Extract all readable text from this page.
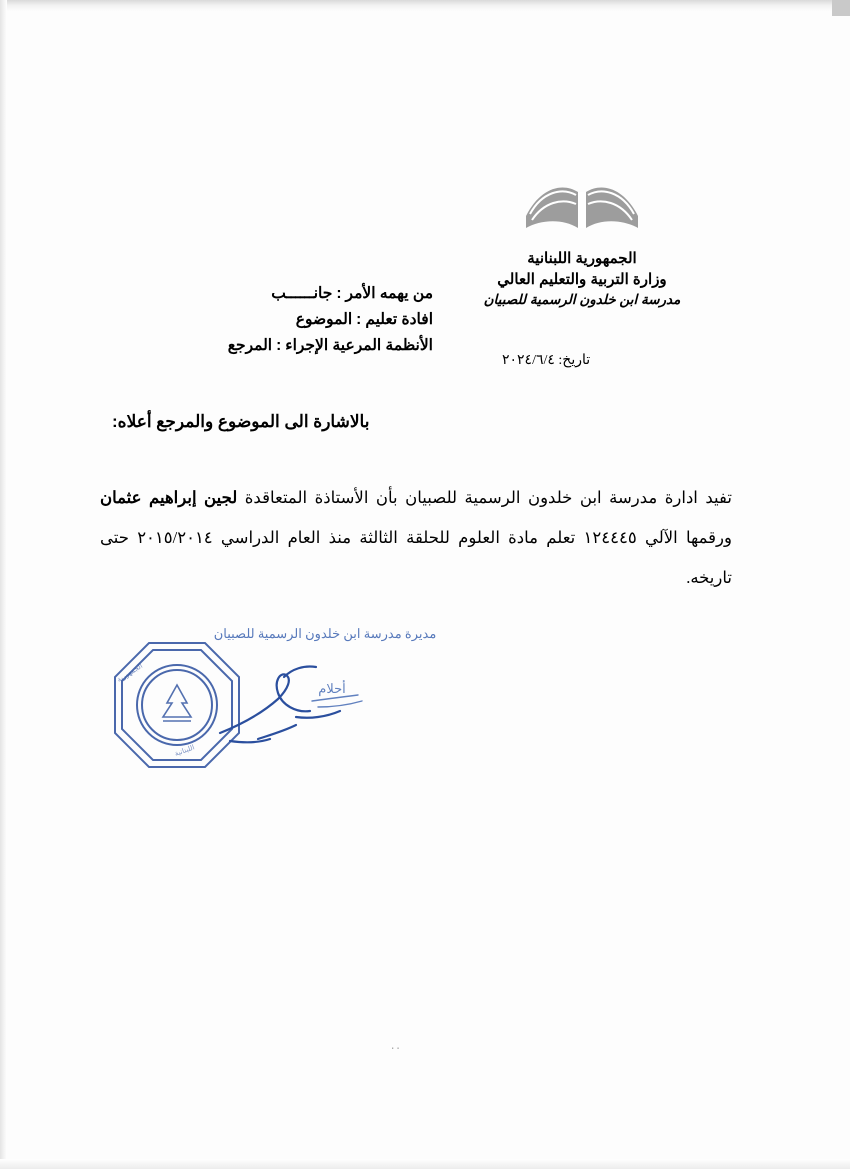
الجمهورية اللبنانية
وزارة التربية والتعليم العالي
مدرسة ابن خلدون الرسمية للصبيان
تاريخ: ٢٠٢٤/٦/٤
من يهمه الأمر
:
جانــــــب
افادة تعليم
:
الموضوع
الأنظمة المرعية الإجراء
:
المرجع
بالاشارة الى الموضوع والمرجع أعلاه:
تفيد ادارة مدرسة ابن خلدون الرسمية للصبيان بأن الأستاذة المتعاقدة لجين إبراهيم عثمان ورقمها الآلي ١٢٤٤٤٥ تعلم مادة العلوم للحلقة الثالثة منذ العام الدراسي ٢٠١٥/٢٠١٤ حتى تاريخه.
مديرة مدرسة ابن خلدون الرسمية للصبيان
أحلام
الجمهورية
اللبنانية
٠٠
